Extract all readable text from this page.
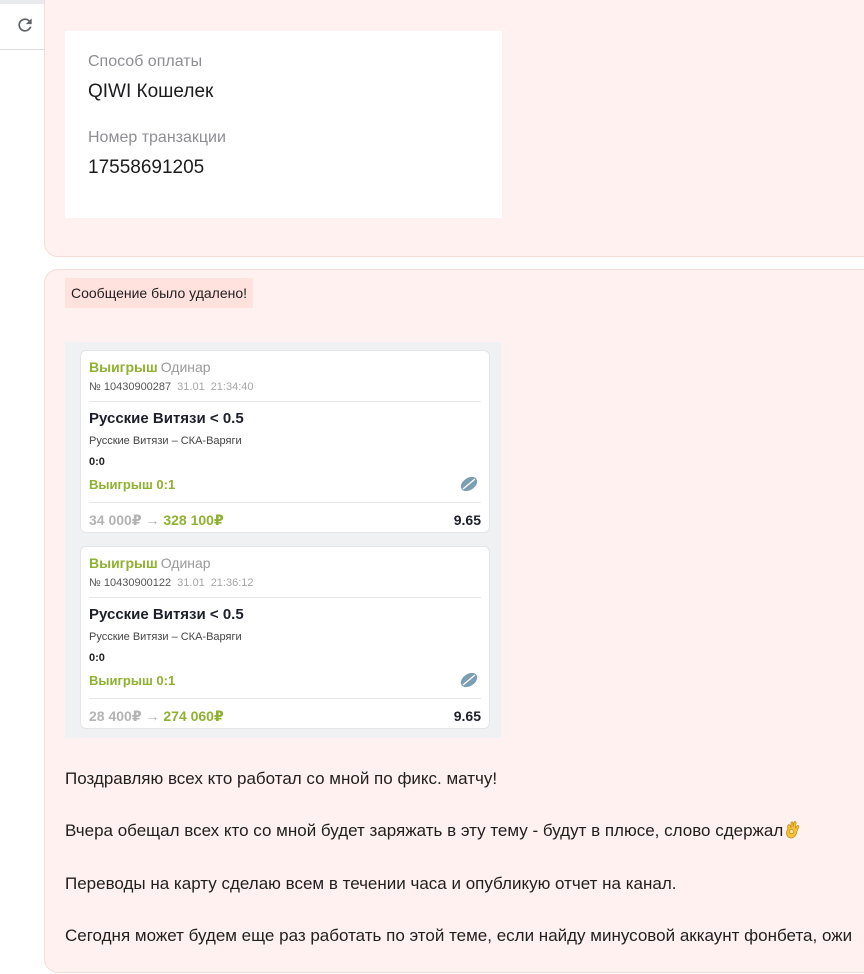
Способ оплаты
QIWI Кошелек
Номер транзакции
17558691205
Сообщение было удалено!
Выигрыш Одинар
№ 10430900287 31.01 21:34:40
Русские Витязи < 0.5
Русские Витязи – СКА-Варяги
0:0
Выигрыш 0:1
34 000₽ → 328 100₽	9.65
Выигрыш Одинар
№ 10430900122 31.01 21:36:12
Русские Витязи < 0.5
Русские Витязи – СКА-Варяги
0:0
Выигрыш 0:1
28 400₽ → 274 060₽	9.65
Поздравляю всех кто работал со мной по фикс. матчу!
Вчера обещал всех кто со мной будет заряжать в эту тему - будут в плюсе, слово сдержал
Переводы на карту сделаю всем в течении часа и опубликую отчет на канал.
Сегодня может будем еще раз работать по этой теме, если найду минусовой аккаунт фонбета, ожи
